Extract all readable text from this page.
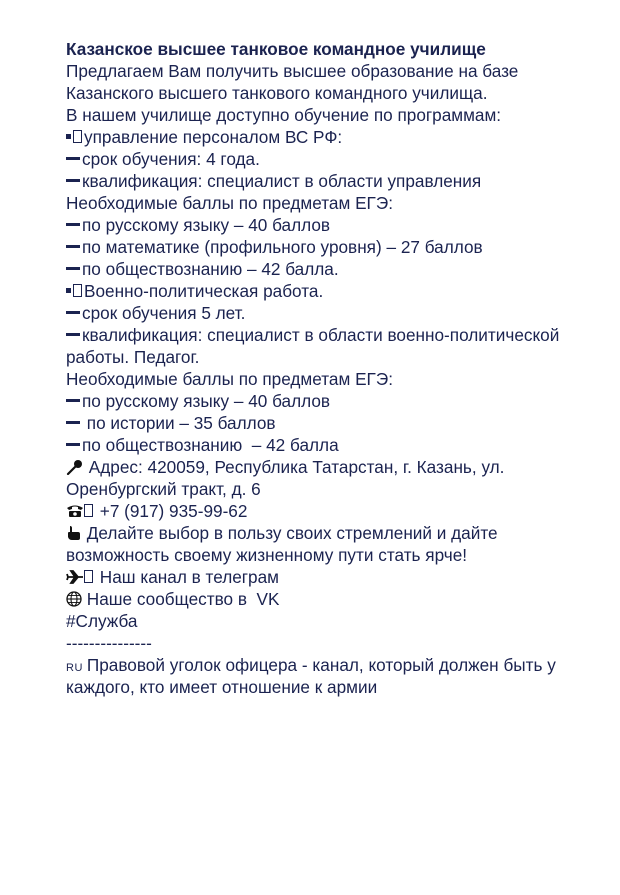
Казанское высшее танковое командное училище
Предлагаем Вам получить высшее образование на базе Казанского высшего танкового командного училища.
В нашем училище доступно обучение по программам:
управление персоналом ВС РФ:
срок обучения: 4 года.
квалификация: специалист в области управления
Необходимые баллы по предметам ЕГЭ:
по русскому языку – 40 баллов
по математике (профильного уровня) – 27 баллов
по обществознанию – 42 балла.
Военно-политическая работа.
срок обучения 5 лет.
квалификация: специалист в области военно-политической работы. Педагог.
Необходимые баллы по предметам ЕГЭ:
по русскому языку – 40 баллов
по истории – 35 баллов
по обществознанию  – 42 балла
Адрес: 420059, Республика Татарстан, г. Казань, ул. Оренбургский тракт, д. 6
+7 (917) 935-99-62
Делайте выбор в пользу своих стремлений и дайте возможность своему жизненному пути стать ярче!
Наш канал в телеграм
Наше сообщество в  VK
#Служба
---------------
RU Правовой уголок офицера - канал, который должен быть у каждого, кто имеет отношение к армии
